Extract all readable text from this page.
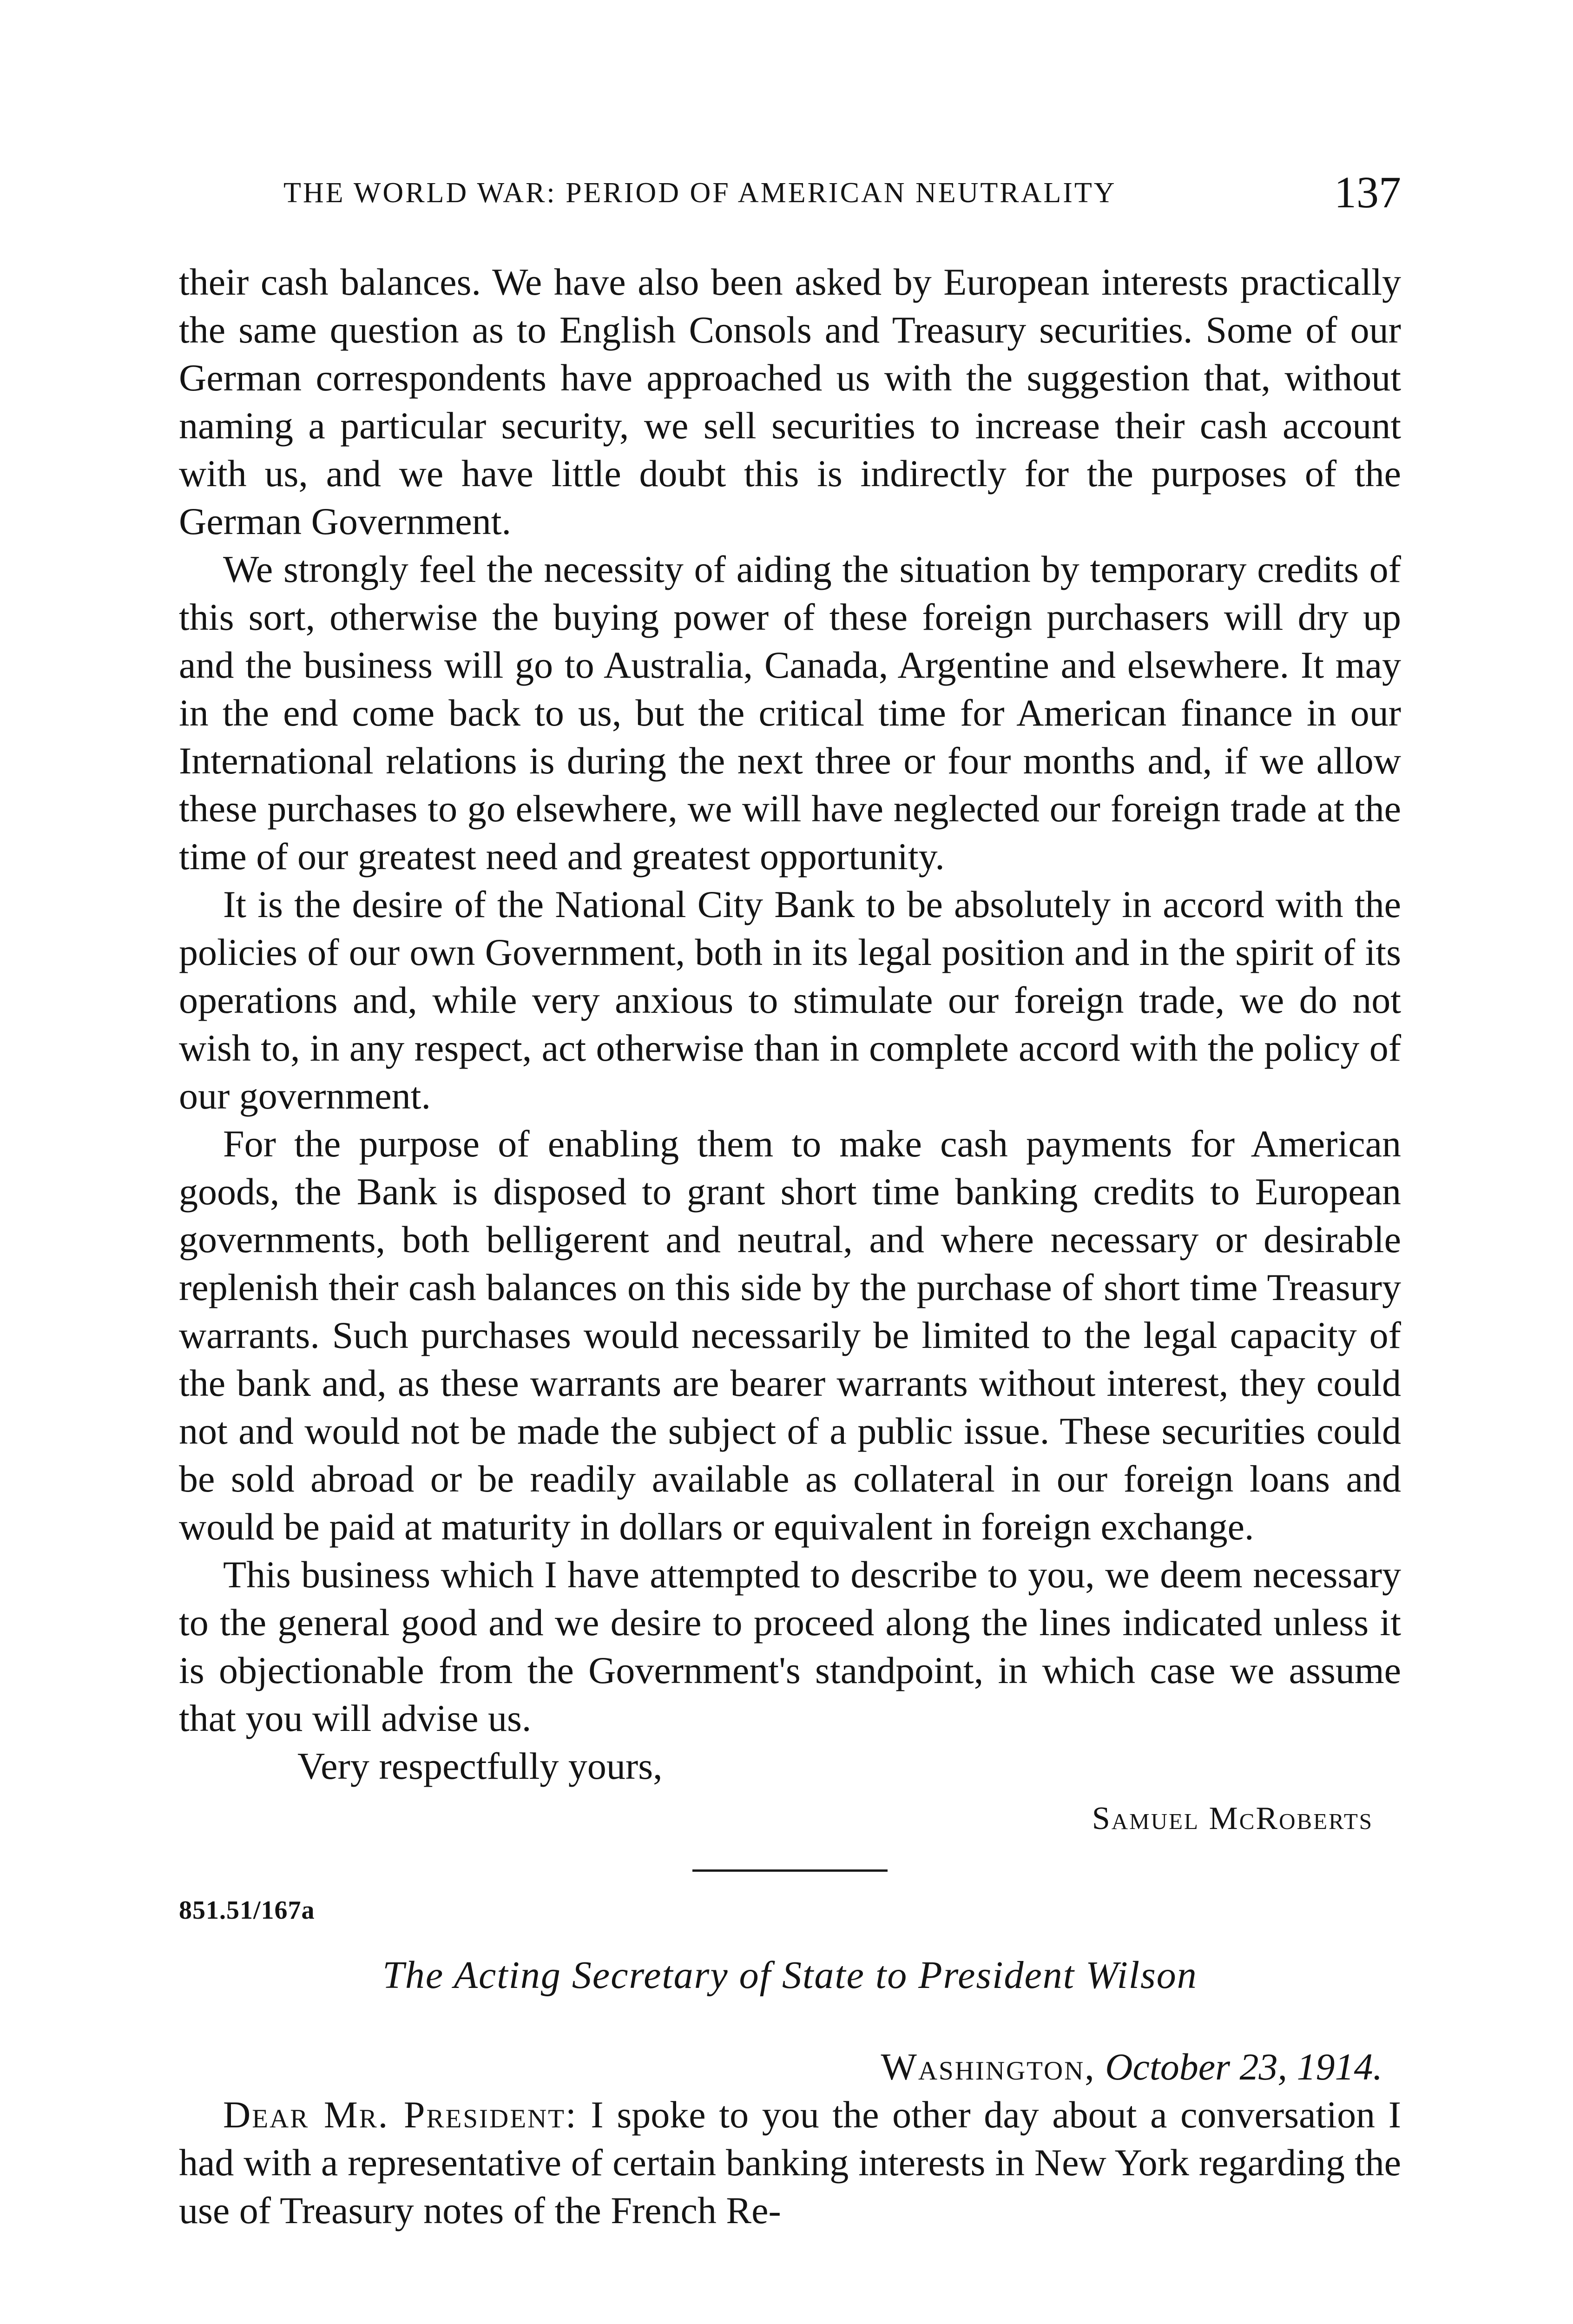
THE WORLD WAR: PERIOD OF AMERICAN NEUTRALITY	137

their cash balances. We have also been asked by European interests practically the same question as to English Consols and Treasury securities. Some of our German correspondents have approached us with the suggestion that, without naming a particular security, we sell securities to increase their cash account with us, and we have little doubt this is indirectly for the purposes of the German Government.

We strongly feel the necessity of aiding the situation by temporary credits of this sort, otherwise the buying power of these foreign purchasers will dry up and the business will go to Australia, Canada, Argentine and elsewhere. It may in the end come back to us, but the critical time for American finance in our International relations is during the next three or four months and, if we allow these purchases to go elsewhere, we will have neglected our foreign trade at the time of our greatest need and greatest opportunity.

It is the desire of the National City Bank to be absolutely in accord with the policies of our own Government, both in its legal position and in the spirit of its operations and, while very anxious to stimulate our foreign trade, we do not wish to, in any respect, act otherwise than in complete accord with the policy of our government.

For the purpose of enabling them to make cash payments for American goods, the Bank is disposed to grant short time banking credits to European governments, both belligerent and neutral, and where necessary or desirable replenish their cash balances on this side by the purchase of short time Treasury warrants. Such purchases would necessarily be limited to the legal capacity of the bank and, as these warrants are bearer warrants without interest, they could not and would not be made the subject of a public issue. These securities could be sold abroad or be readily available as collateral in our foreign loans and would be paid at maturity in dollars or equivalent in foreign exchange.

This business which I have attempted to describe to you, we deem necessary to the general good and we desire to proceed along the lines indicated unless it is objectionable from the Government's standpoint, in which case we assume that you will advise us.

Very respectfully yours,
Samuel McRoberts
851.51/167a
The Acting Secretary of State to President Wilson
Washington, October 23, 1914.

Dear Mr. President: I spoke to you the other day about a conversation I had with a representative of certain banking interests in New York regarding the use of Treasury notes of the French Re-
